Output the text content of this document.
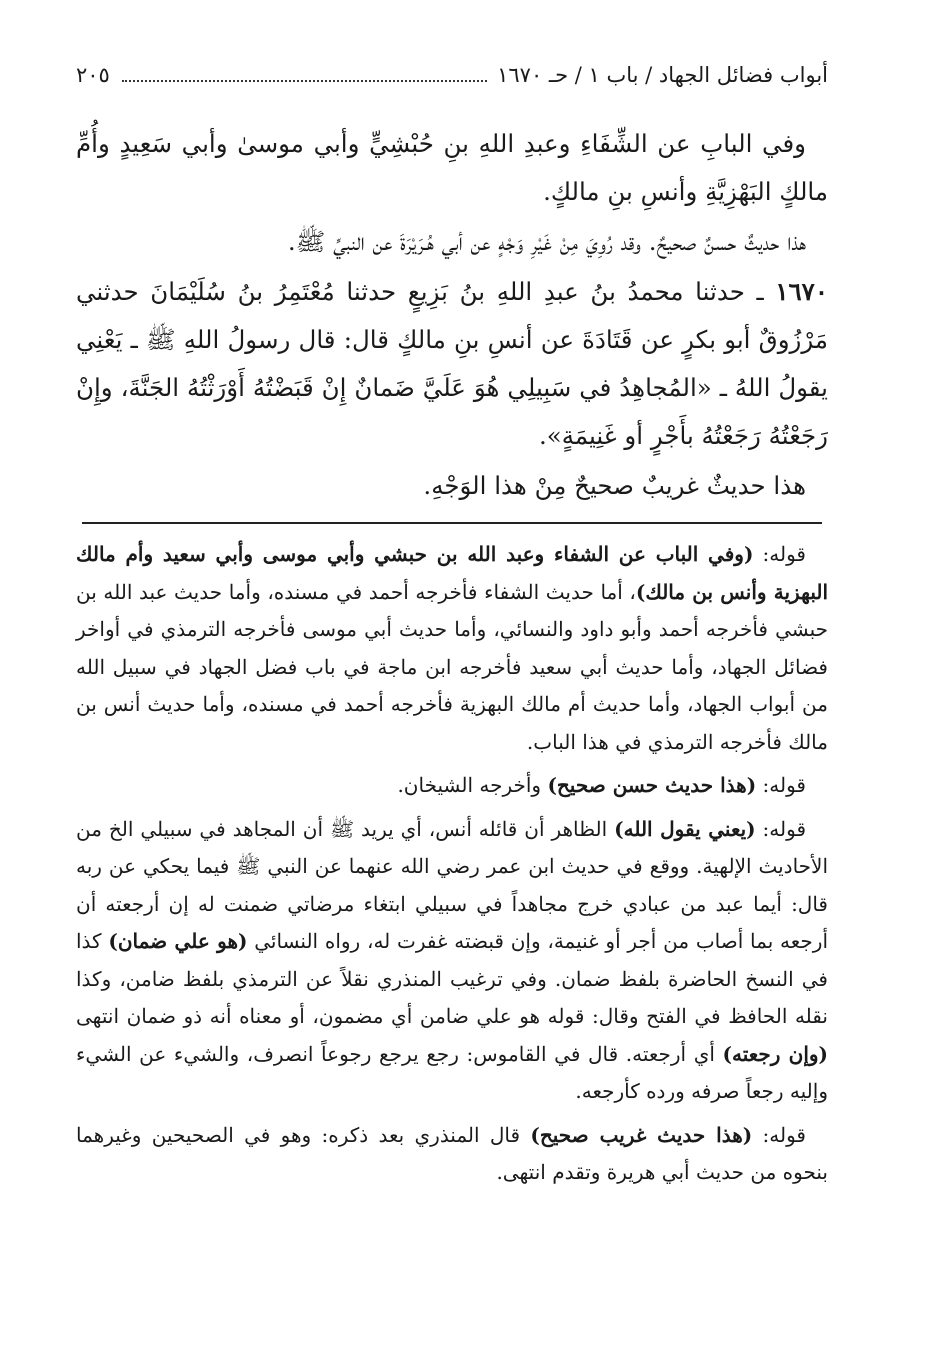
أبواب فضائل الجهاد / باب ١ / حـ ١٦٧٠
٢٠٥

وفي البابِ عن الشِّفَاءِ وعبدِ اللهِ بنِ حُبْشِيٍّ وأبي موسىٰ وأبي سَعِيدٍ وأُمِّ مالكٍ البَهْزِيَّةِ وأنسِ بنِ مالكٍ.

هذا حديثٌ حسنٌ صحيحٌ. وقد رُوِيَ مِنْ غَيْرِ وَجْهٍ عن أبي هُـرَيْرَةَ عن النبيِّ ﷺ.

١٦٧٠ ـ حدثنا محمدُ بنُ عبدِ اللهِ بنُ بَزِيعٍ حدثنا مُعْتَمِرُ بنُ سُلَيْمَانَ حدثني مَرْزُوقٌ أبو بكرٍ عن قَتَادَةَ عن أنسِ بنِ مالكٍ قال: قال رسولُ اللهِ ﷺ ـ يَعْنِي يقولُ اللهُ ـ «المُجاهِدُ في سَبِيلِي هُوَ عَلَيَّ ضَمانٌ إِنْ قَبَضْتُهُ أَوْرَثْتُهُ الجَنَّةَ، وإِنْ رَجَعْتُهُ رَجَعْتُهُ بأَجْرٍ أو غَنِيمَةٍ».

هذا حديثٌ غريبٌ صحيحٌ مِنْ هذا الوَجْهِ.

قوله: (وفي الباب عن الشفاء وعبد الله بن حبشي وأبي موسى وأبي سعيد وأم مالك البهزية وأنس بن مالك)، أما حديث الشفاء فأخرجه أحمد في مسنده، وأما حديث عبد الله بن حبشي فأخرجه أحمد وأبو داود والنسائي، وأما حديث أبي موسى فأخرجه الترمذي في أواخر فضائل الجهاد، وأما حديث أبي سعيد فأخرجه ابن ماجة في باب فضل الجهاد في سبيل الله من أبواب الجهاد، وأما حديث أم مالك البهزية فأخرجه أحمد في مسنده، وأما حديث أنس بن مالك فأخرجه الترمذي في هذا الباب.

قوله: (هذا حديث حسن صحيح) وأخرجه الشيخان.

قوله: (يعني يقول الله) الظاهر أن قائله أنس، أي يريد ﷺ أن المجاهد في سبيلي الخ من الأحاديث الإلهية. ووقع في حديث ابن عمر رضي الله عنهما عن النبي ﷺ فيما يحكي عن ربه قال: أيما عبد من عبادي خرج مجاهداً في سبيلي ابتغاء مرضاتي ضمنت له إن أرجعته أن أرجعه بما أصاب من أجر أو غنيمة، وإن قبضته غفرت له، رواه النسائي (هو علي ضمان) كذا في النسخ الحاضرة بلفظ ضمان. وفي ترغيب المنذري نقلاً عن الترمذي بلفظ ضامن، وكذا نقله الحافظ في الفتح وقال: قوله هو علي ضامن أي مضمون، أو معناه أنه ذو ضمان انتهى (وإن رجعته) أي أرجعته. قال في القاموس: رجع يرجع رجوعاً انصرف، والشيء عن الشيء وإليه رجعاً صرفه ورده كأرجعه.

قوله: (هذا حديث غريب صحيح) قال المنذري بعد ذكره: وهو في الصحيحين وغيرهما بنحوه من حديث أبي هريرة وتقدم انتهى.
